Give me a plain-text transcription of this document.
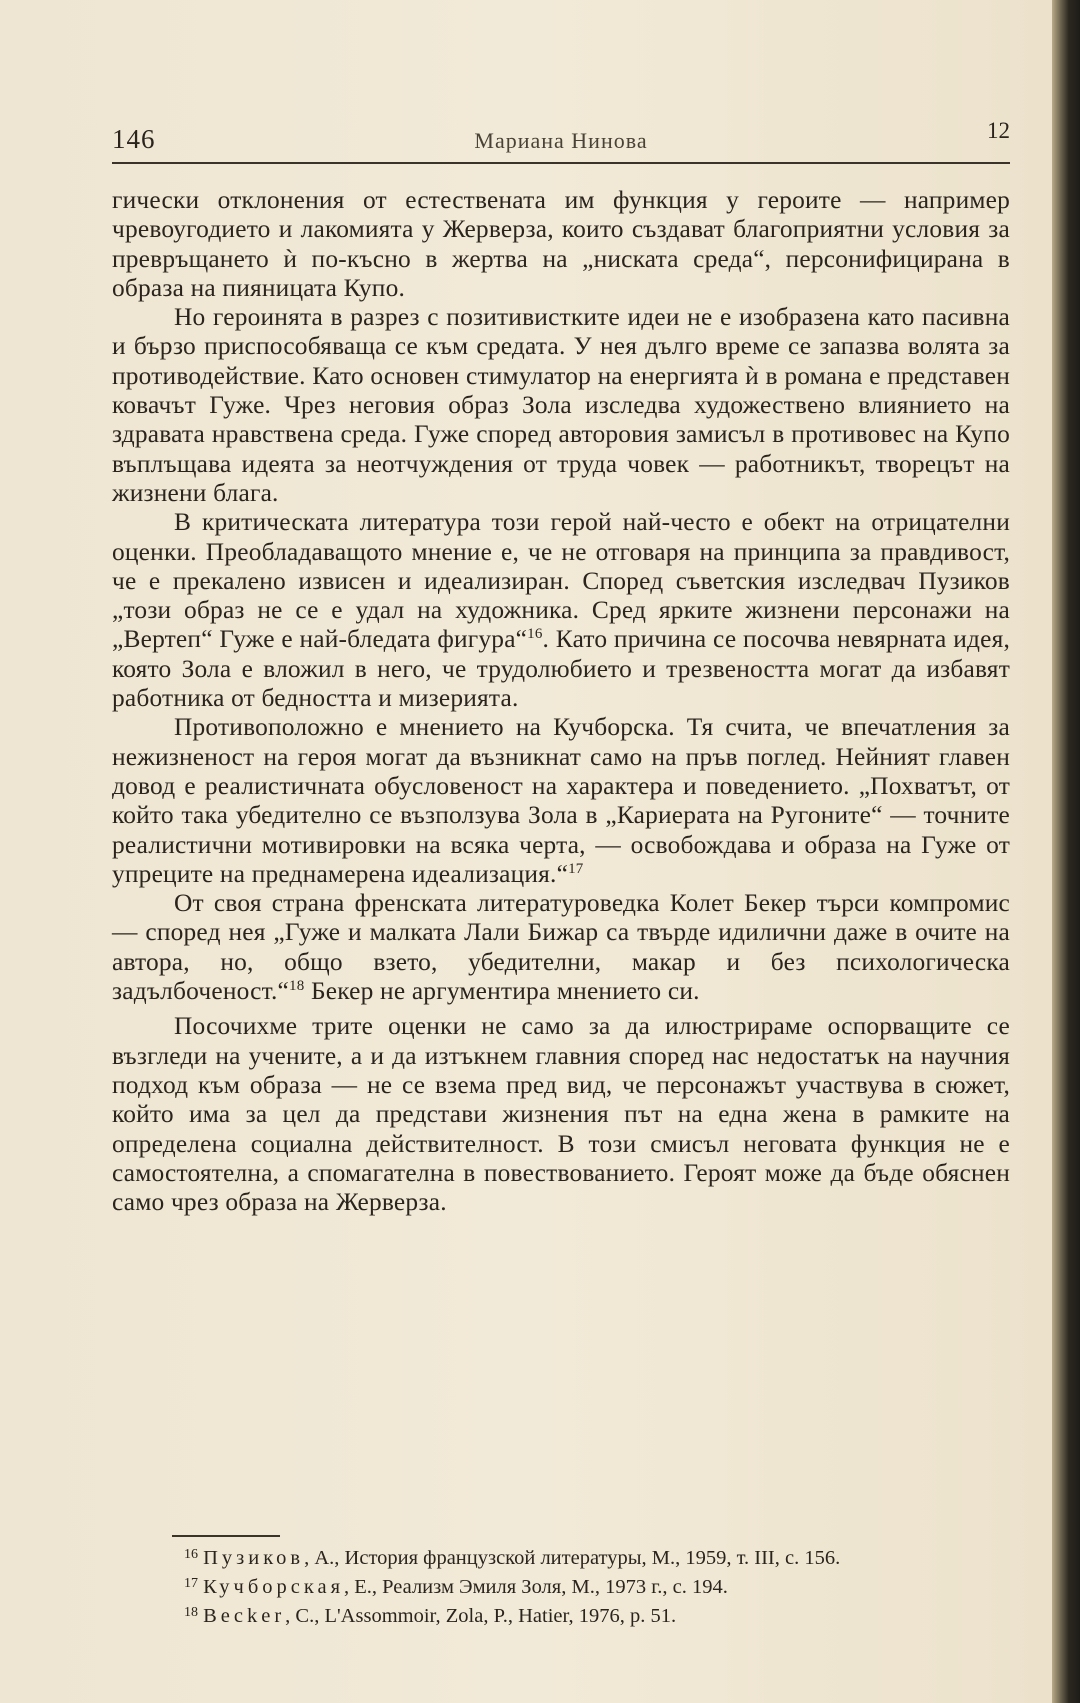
146	Мариана Нинова	12

гически отклонения от естествената им функция у героите — например чревоугодието и лакомията у Жерверза, които създават благоприятни условия за превръщането ѝ по-късно в жертва на „ниската среда“, персонифицирана в образа на пияницата Купо.

Но героинята в разрез с позитивистките идеи не е изобразена като пасивна и бързо приспособяваща се към средата. У нея дълго време се запазва волята за противодействие. Като основен стимулатор на енергията ѝ в романа е представен ковачът Гуже. Чрез неговия образ Зола изследва художествено влиянието на здравата нравствена среда. Гуже според авторовия замисъл в противовес на Купо въплъщава идеята за неотчуждения от труда човек — работникът, творецът на жизнени блага.

В критическата литература този герой най-често е обект на отрицателни оценки. Преобладаващото мнение е, че не отговаря на принципа за правдивост, че е прекалено извисен и идеализиран. Според съветския изследвач Пузиков „този образ не се е удал на художника. Сред ярките жизнени персонажи на „Вертеп“ Гуже е най-бледата фигура“$^{16}$. Като причина се посочва невярната идея, която Зола е вложил в него, че трудолюбието и трезвеността могат да избавят работника от бедността и мизерията.

Противоположно е мнението на Кучборска. Тя счита, че впечатления за нежизненост на героя могат да възникнат само на пръв поглед. Нейният главен довод е реалистичната обусловеност на характера и поведението. „Похватът, от който така убедително се възползува Зола в „Кариерата на Ругоните“ — точните реалистични мотивировки на всяка черта, — освобождава и образа на Гуже от упреците на преднамерена идеализация.“$^{17}$

От своя страна френската литературоведка Колет Бекер търси компромис — според нея „Гуже и малката Лали Бижар са твърде идилични даже в очите на автора, но, общо взето, убедителни, макар и без психологическа задълбоченост.“$^{18}$ Бекер не аргументира мнението си.

Посочихме трите оценки не само за да илюстрираме оспорващите се възгледи на учените, а и да изтъкнем главния според нас недостатък на научния подход към образа — не се взема пред вид, че персонажът участвува в сюжет, който има за цел да представи жизнения път на една жена в рамките на определена социална действителност. В този смисъл неговата функция не е самостоятелна, а спомагателна в повествованието. Героят може да бъде обяснен само чрез образа на Жерверза.

$^{16}$ Пузиков, А., История французской литературы, М., 1959, т. III, с. 156.

$^{17}$ Кучборская, Е., Реализм Эмиля Золя, М., 1973 г., с. 194.

$^{18}$ Becker, C., L'Assommoir, Zola, P., Hatier, 1976, p. 51.
